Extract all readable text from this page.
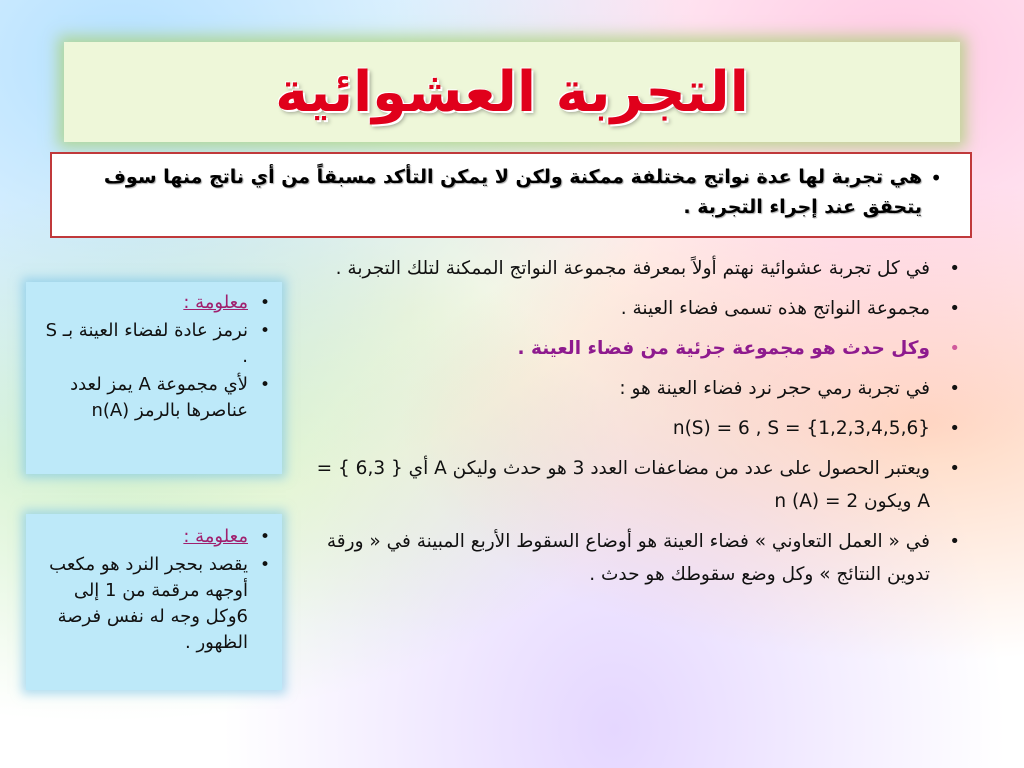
التجربة العشوائية
•
هي تجربة لها عدة نواتج مختلفة ممكنة ولكن لا يمكن التأكد مسبقاً من أي ناتج منها سوف يتحقق عند إجراء التجربة .
•
في كل تجربة عشوائية نهتم أولاً بمعرفة مجموعة النواتج الممكنة لتلك التجربة .
•
مجموعة النواتج هذه تسمى فضاء العينة .
•
وكل حدث هو مجموعة جزئية من فضاء العينة .
•
في تجربة رمي حجر نرد فضاء العينة هو :
•
n(S) = 6 , S = {1,2,3,4,5,6}
•
ويعتبر الحصول على عدد من مضاعفات العدد 3 هو حدث وليكن A أي { 6,3 } = A ويكون n (A) = 2
•
في « العمل التعاوني » فضاء العينة هو أوضاع السقوط الأربع المبينة في « ورقة تدوين النتائج » وكل وضع سقوطك هو حدث .
•
معلومة :
•
نرمز عادة لفضاء العينة بـ S .
•
لأي مجموعة A يمز لعدد عناصرها بالرمز n(A)
•
معلومة :
•
يقصد بحجر النرد هو مكعب أوجهه مرقمة من 1 إلى 6وكل وجه له نفس فرصة الظهور .
